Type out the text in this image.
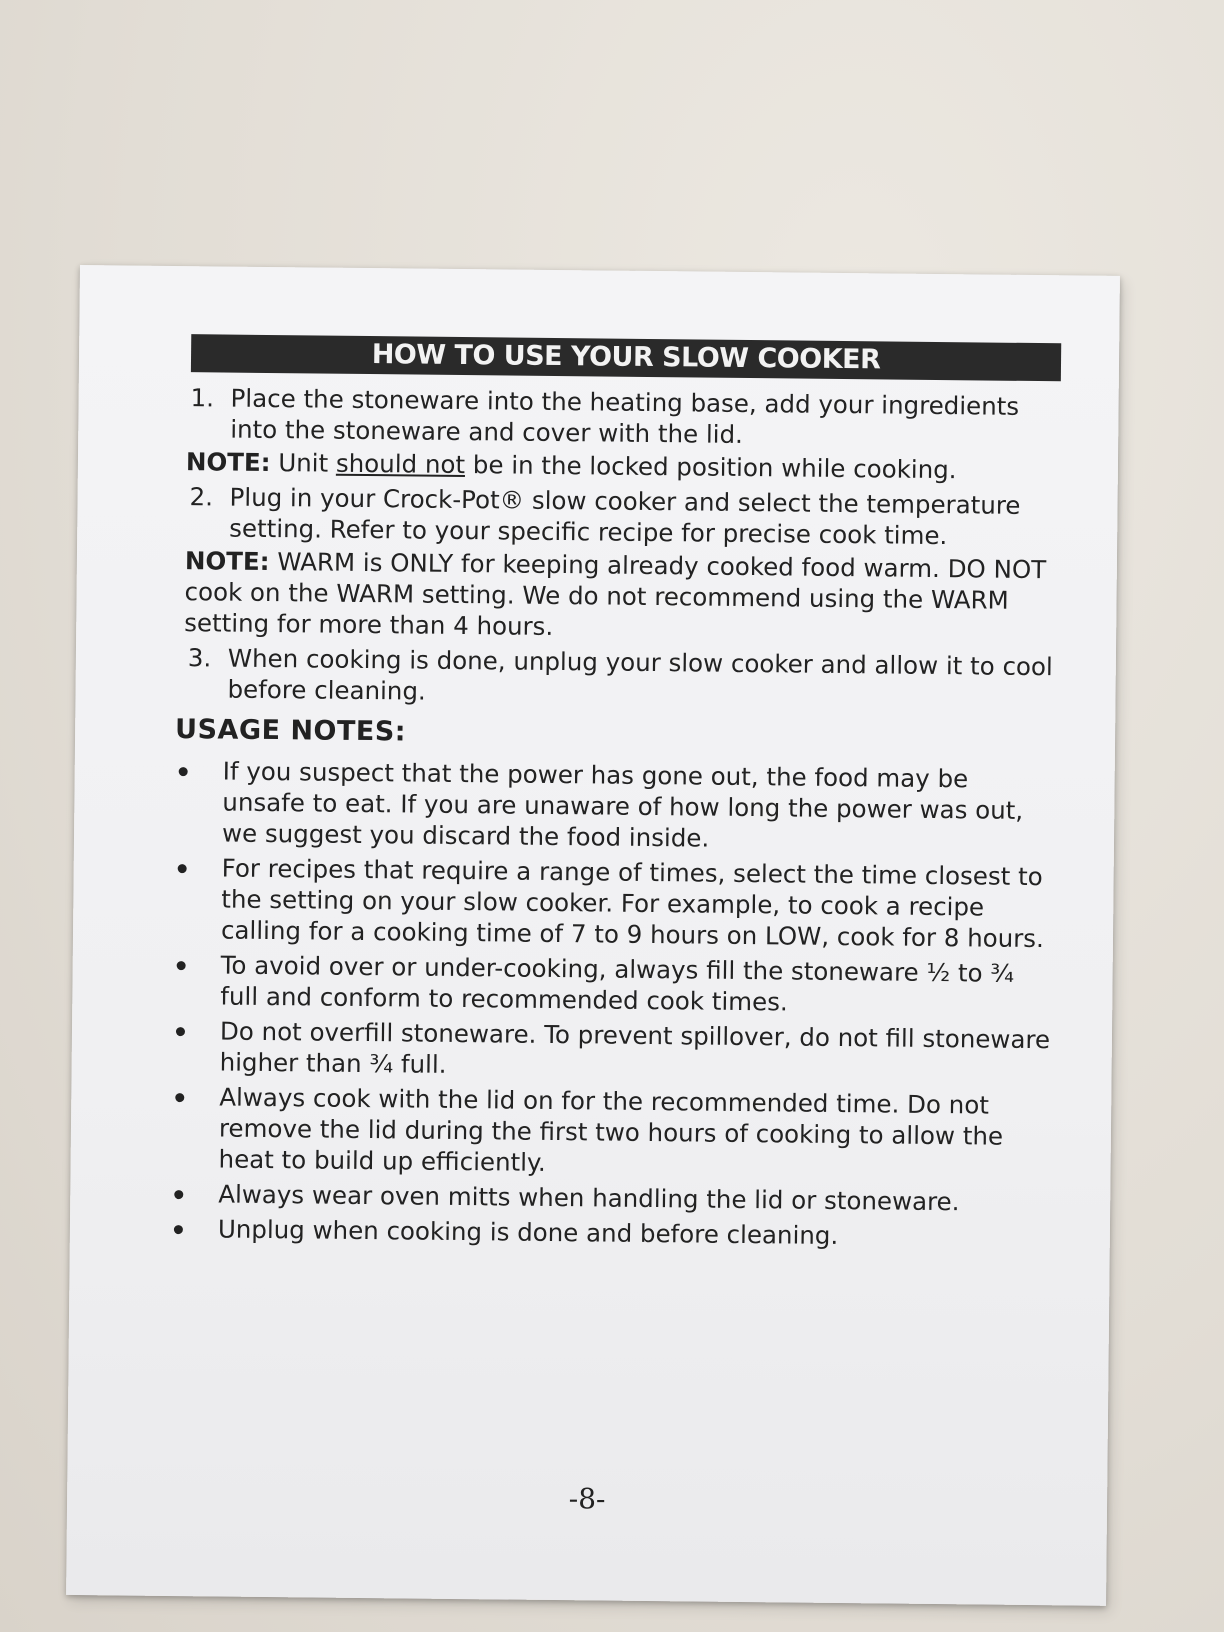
HOW TO USE YOUR SLOW COOKER
1. Place the stoneware into the heating base, add your ingredients into the stoneware and cover with the lid.
NOTE: Unit should not be in the locked position while cooking.
2. Plug in your Crock-Pot® slow cooker and select the temperature setting. Refer to your specific recipe for precise cook time.
NOTE: WARM is ONLY for keeping already cooked food warm. DO NOT cook on the WARM setting. We do not recommend using the WARM setting for more than 4 hours.
3. When cooking is done, unplug your slow cooker and allow it to cool before cleaning.
USAGE NOTES:
If you suspect that the power has gone out, the food may be unsafe to eat. If you are unaware of how long the power was out, we suggest you discard the food inside.
For recipes that require a range of times, select the time closest to the setting on your slow cooker. For example, to cook a recipe calling for a cooking time of 7 to 9 hours on LOW, cook for 8 hours.
To avoid over or under-cooking, always fill the stoneware ½ to ¾ full and conform to recommended cook times.
Do not overfill stoneware. To prevent spillover, do not fill stoneware higher than ¾ full.
Always cook with the lid on for the recommended time. Do not remove the lid during the first two hours of cooking to allow the heat to build up efficiently.
Always wear oven mitts when handling the lid or stoneware.
Unplug when cooking is done and before cleaning.
-8-
